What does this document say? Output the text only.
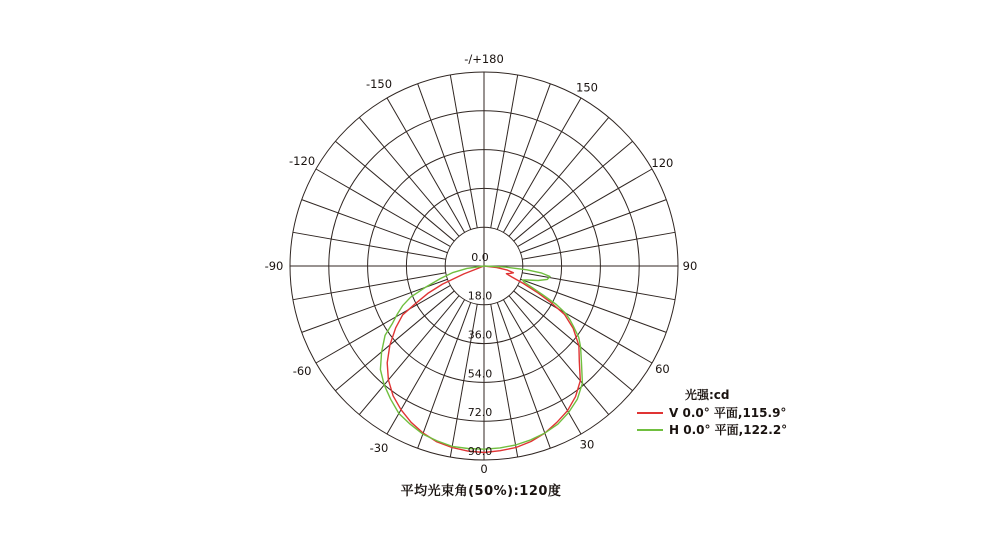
0
30
60
90
120
150
-/+180
-150
-120
-90
-60
-30
0.0
18.0
36.0
54.0
72.0
90.0
光强:cd
V 0.0° 平面,115.9°
H 0.0° 平面,122.2°
平均光束角(50%):120度
